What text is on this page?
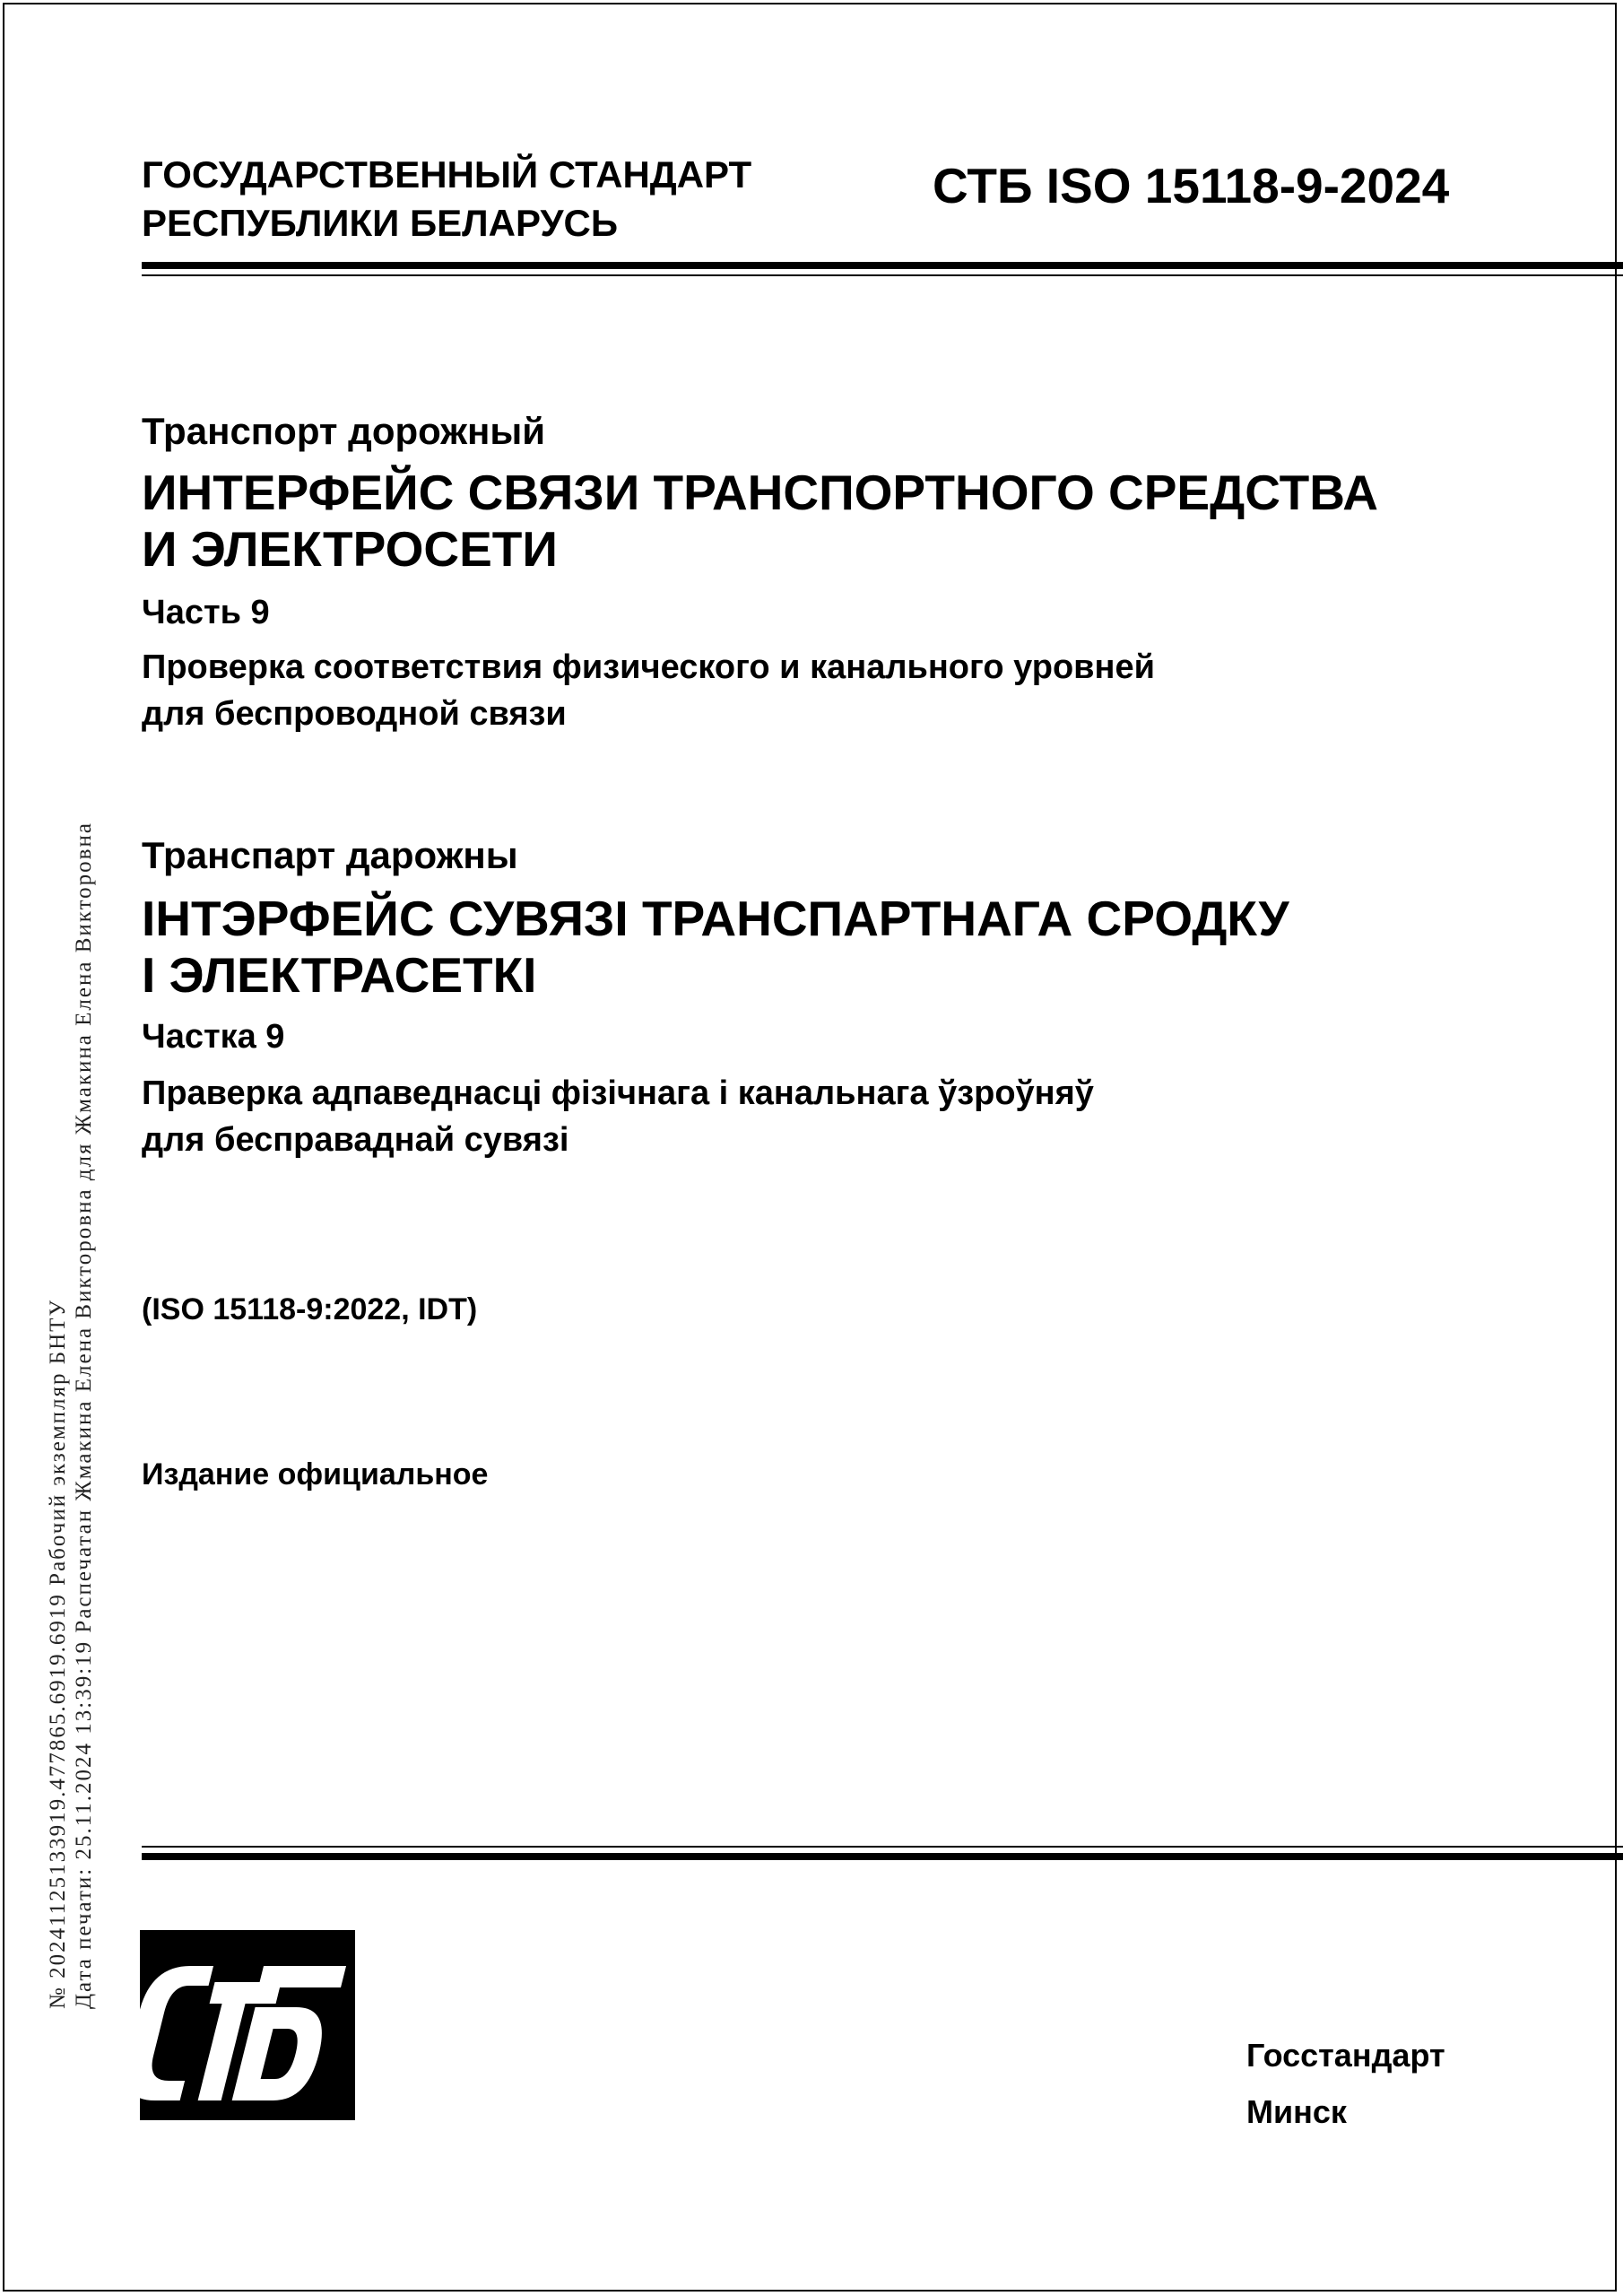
ГОСУДАРСТВЕННЫЙ СТАНДАРТ
РЕСПУБЛИКИ БЕЛАРУСЬ
СТБ ISO 15118-9-2024
Транспорт дорожный
ИНТЕРФЕЙС СВЯЗИ ТРАНСПОРТНОГО СРЕДСТВА
И ЭЛЕКТРОСЕТИ
Часть 9
Проверка соответствия физического и канального уровней
для беспроводной связи
Транспарт дарожны
ІНТЭРФЕЙС СУВЯЗІ ТРАНСПАРТНАГА СРОДКУ
І ЭЛЕКТРАСЕТКІ
Частка 9
Праверка адпаведнасці фізічнага і канальнага ўзроўняў
для бесправаднай сувязі
(ISO 15118-9:2022, IDT)
Издание официальное
№ 20241125133919.477865.6919.6919 Рабочий экземпляр БНТУ Дата печати: 25.11.2024 13:39:19 Распечатан Жмакина Елена Викторовна для Жмакина Елена Викторовна
Госстандарт
Минск
